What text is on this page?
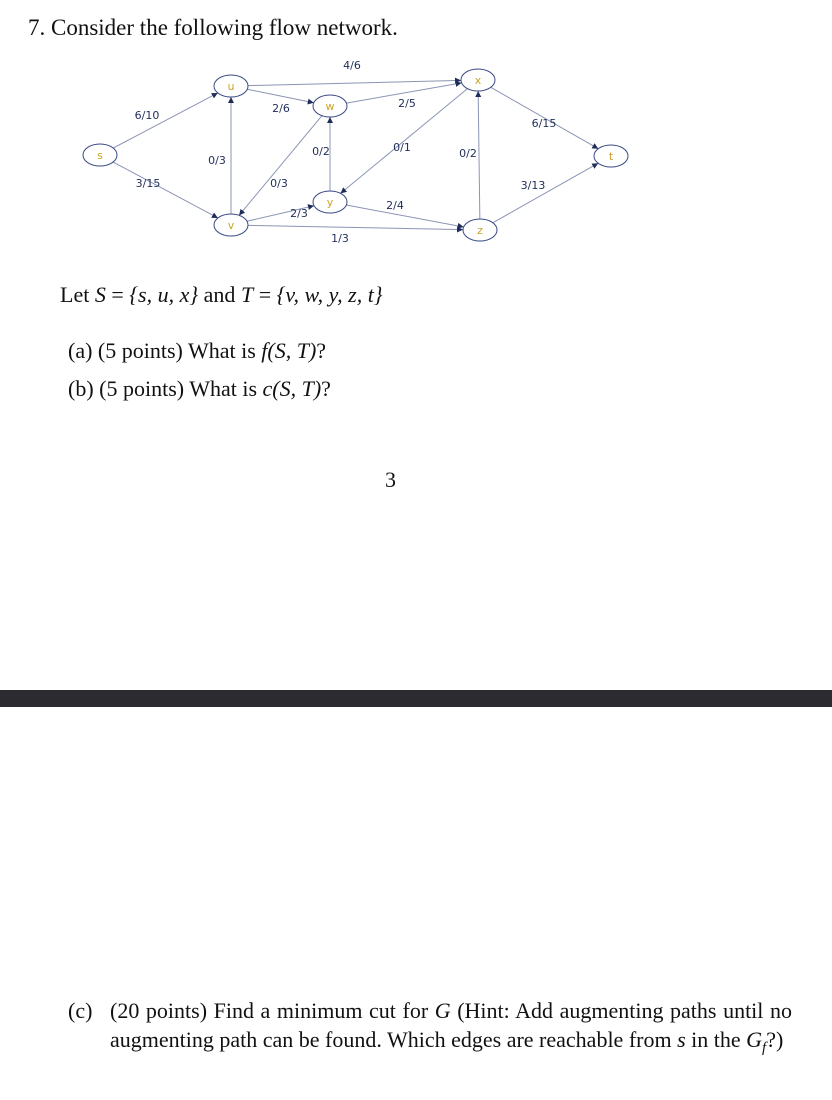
7. Consider the following flow network.
s
u
w
x
t
v
y
z
6/10
3/15
0/3
2/6
4/6
0/3
0/2
2/5
0/1
2/3
1/3
2/4
0/2
6/15
3/13
Let S = {s, u, x} and T = {v, w, y, z, t}
(a) (5 points) What is f(S, T)?
(b) (5 points) What is c(S, T)?
3
(c) (20 points) Find a minimum cut for G (Hint: Add augmenting paths until no augmenting path can be found. Which edges are reachable from s in the $G_f$?)
